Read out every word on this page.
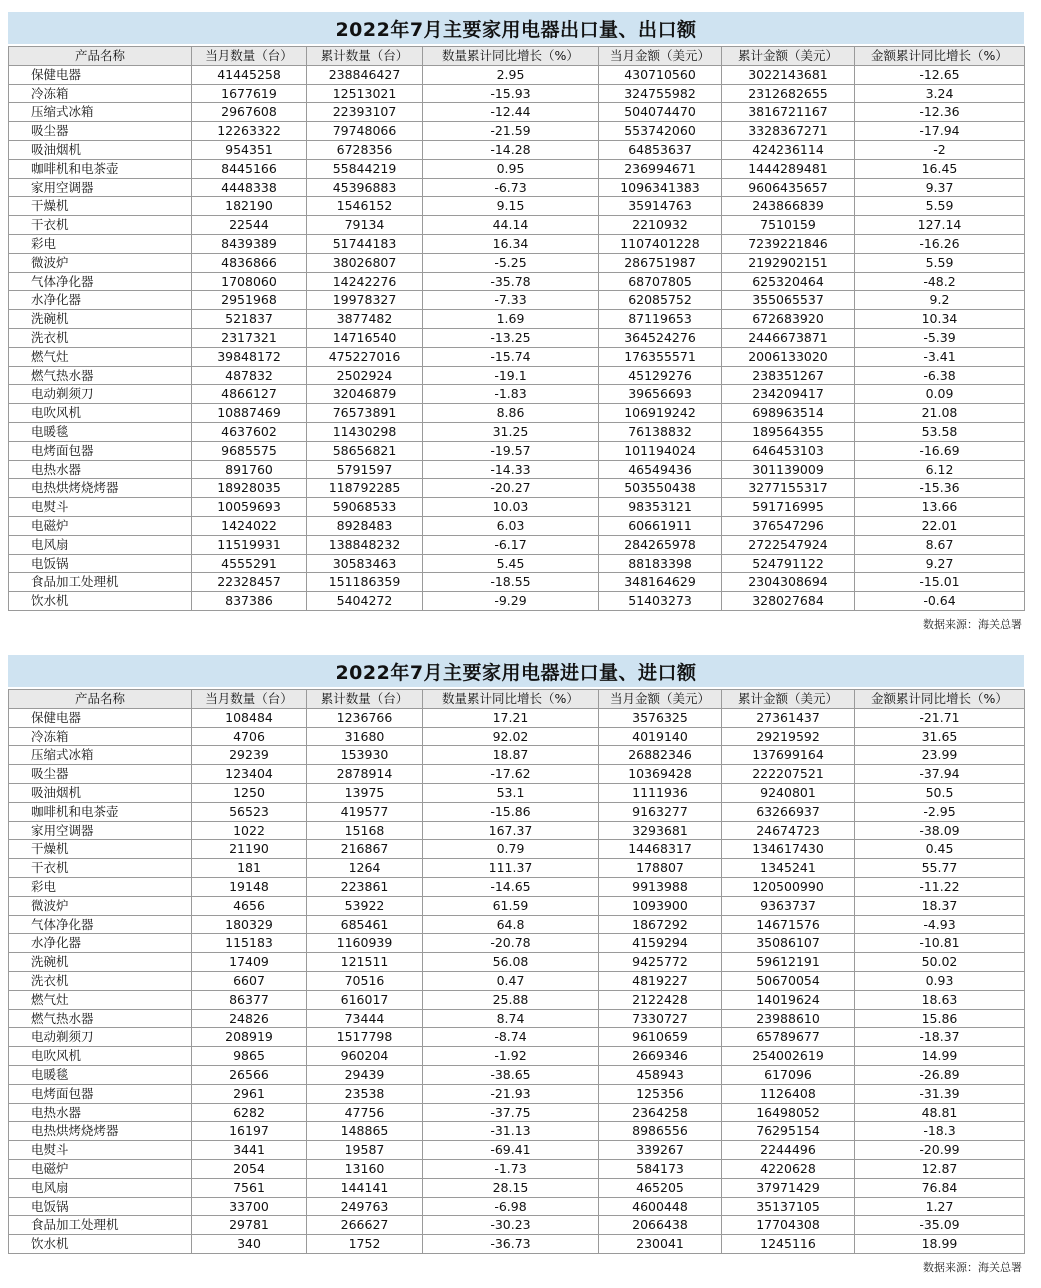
2022年7月主要家用电器出口量、出口额
产品名称	当月数量（台）	累计数量（台）	数量累计同比增长（%）	当月金额（美元）	累计金额（美元）	金额累计同比增长（%）
保健电器	41445258	238846427	2.95	430710560	3022143681	-12.65
冷冻箱	1677619	12513021	-15.93	324755982	2312682655	3.24
压缩式冰箱	2967608	22393107	-12.44	504074470	3816721167	-12.36
吸尘器	12263322	79748066	-21.59	553742060	3328367271	-17.94
吸油烟机	954351	6728356	-14.28	64853637	424236114	-2
咖啡机和电茶壶	8445166	55844219	0.95	236994671	1444289481	16.45
家用空调器	4448338	45396883	-6.73	1096341383	9606435657	9.37
干燥机	182190	1546152	9.15	35914763	243866839	5.59
干衣机	22544	79134	44.14	2210932	7510159	127.14
彩电	8439389	51744183	16.34	1107401228	7239221846	-16.26
微波炉	4836866	38026807	-5.25	286751987	2192902151	5.59
气体净化器	1708060	14242276	-35.78	68707805	625320464	-48.2
水净化器	2951968	19978327	-7.33	62085752	355065537	9.2
洗碗机	521837	3877482	1.69	87119653	672683920	10.34
洗衣机	2317321	14716540	-13.25	364524276	2446673871	-5.39
燃气灶	39848172	475227016	-15.74	176355571	2006133020	-3.41
燃气热水器	487832	2502924	-19.1	45129276	238351267	-6.38
电动剃须刀	4866127	32046879	-1.83	39656693	234209417	0.09
电吹风机	10887469	76573891	8.86	106919242	698963514	21.08
电暖毯	4637602	11430298	31.25	76138832	189564355	53.58
电烤面包器	9685575	58656821	-19.57	101194024	646453103	-16.69
电热水器	891760	5791597	-14.33	46549436	301139009	6.12
电热烘烤烧烤器	18928035	118792285	-20.27	503550438	3277155317	-15.36
电熨斗	10059693	59068533	10.03	98353121	591716995	13.66
电磁炉	1424022	8928483	6.03	60661911	376547296	22.01
电风扇	11519931	138848232	-6.17	284265978	2722547924	8.67
电饭锅	4555291	30583463	5.45	88183398	524791122	9.27
食品加工处理机	22328457	151186359	-18.55	348164629	2304308694	-15.01
饮水机	837386	5404272	-9.29	51403273	328027684	-0.64
数据来源：海关总署
2022年7月主要家用电器进口量、进口额
产品名称	当月数量（台）	累计数量（台）	数量累计同比增长（%）	当月金额（美元）	累计金额（美元）	金额累计同比增长（%）
保健电器	108484	1236766	17.21	3576325	27361437	-21.71
冷冻箱	4706	31680	92.02	4019140	29219592	31.65
压缩式冰箱	29239	153930	18.87	26882346	137699164	23.99
吸尘器	123404	2878914	-17.62	10369428	222207521	-37.94
吸油烟机	1250	13975	53.1	1111936	9240801	50.5
咖啡机和电茶壶	56523	419577	-15.86	9163277	63266937	-2.95
家用空调器	1022	15168	167.37	3293681	24674723	-38.09
干燥机	21190	216867	0.79	14468317	134617430	0.45
干衣机	181	1264	111.37	178807	1345241	55.77
彩电	19148	223861	-14.65	9913988	120500990	-11.22
微波炉	4656	53922	61.59	1093900	9363737	18.37
气体净化器	180329	685461	64.8	1867292	14671576	-4.93
水净化器	115183	1160939	-20.78	4159294	35086107	-10.81
洗碗机	17409	121511	56.08	9425772	59612191	50.02
洗衣机	6607	70516	0.47	4819227	50670054	0.93
燃气灶	86377	616017	25.88	2122428	14019624	18.63
燃气热水器	24826	73444	8.74	7330727	23988610	15.86
电动剃须刀	208919	1517798	-8.74	9610659	65789677	-18.37
电吹风机	9865	960204	-1.92	2669346	254002619	14.99
电暖毯	26566	29439	-38.65	458943	617096	-26.89
电烤面包器	2961	23538	-21.93	125356	1126408	-31.39
电热水器	6282	47756	-37.75	2364258	16498052	48.81
电热烘烤烧烤器	16197	148865	-31.13	8986556	76295154	-18.3
电熨斗	3441	19587	-69.41	339267	2244496	-20.99
电磁炉	2054	13160	-1.73	584173	4220628	12.87
电风扇	7561	144141	28.15	465205	37971429	76.84
电饭锅	33700	249763	-6.98	4600448	35137105	1.27
食品加工处理机	29781	266627	-30.23	2066438	17704308	-35.09
饮水机	340	1752	-36.73	230041	1245116	18.99
数据来源：海关总署
